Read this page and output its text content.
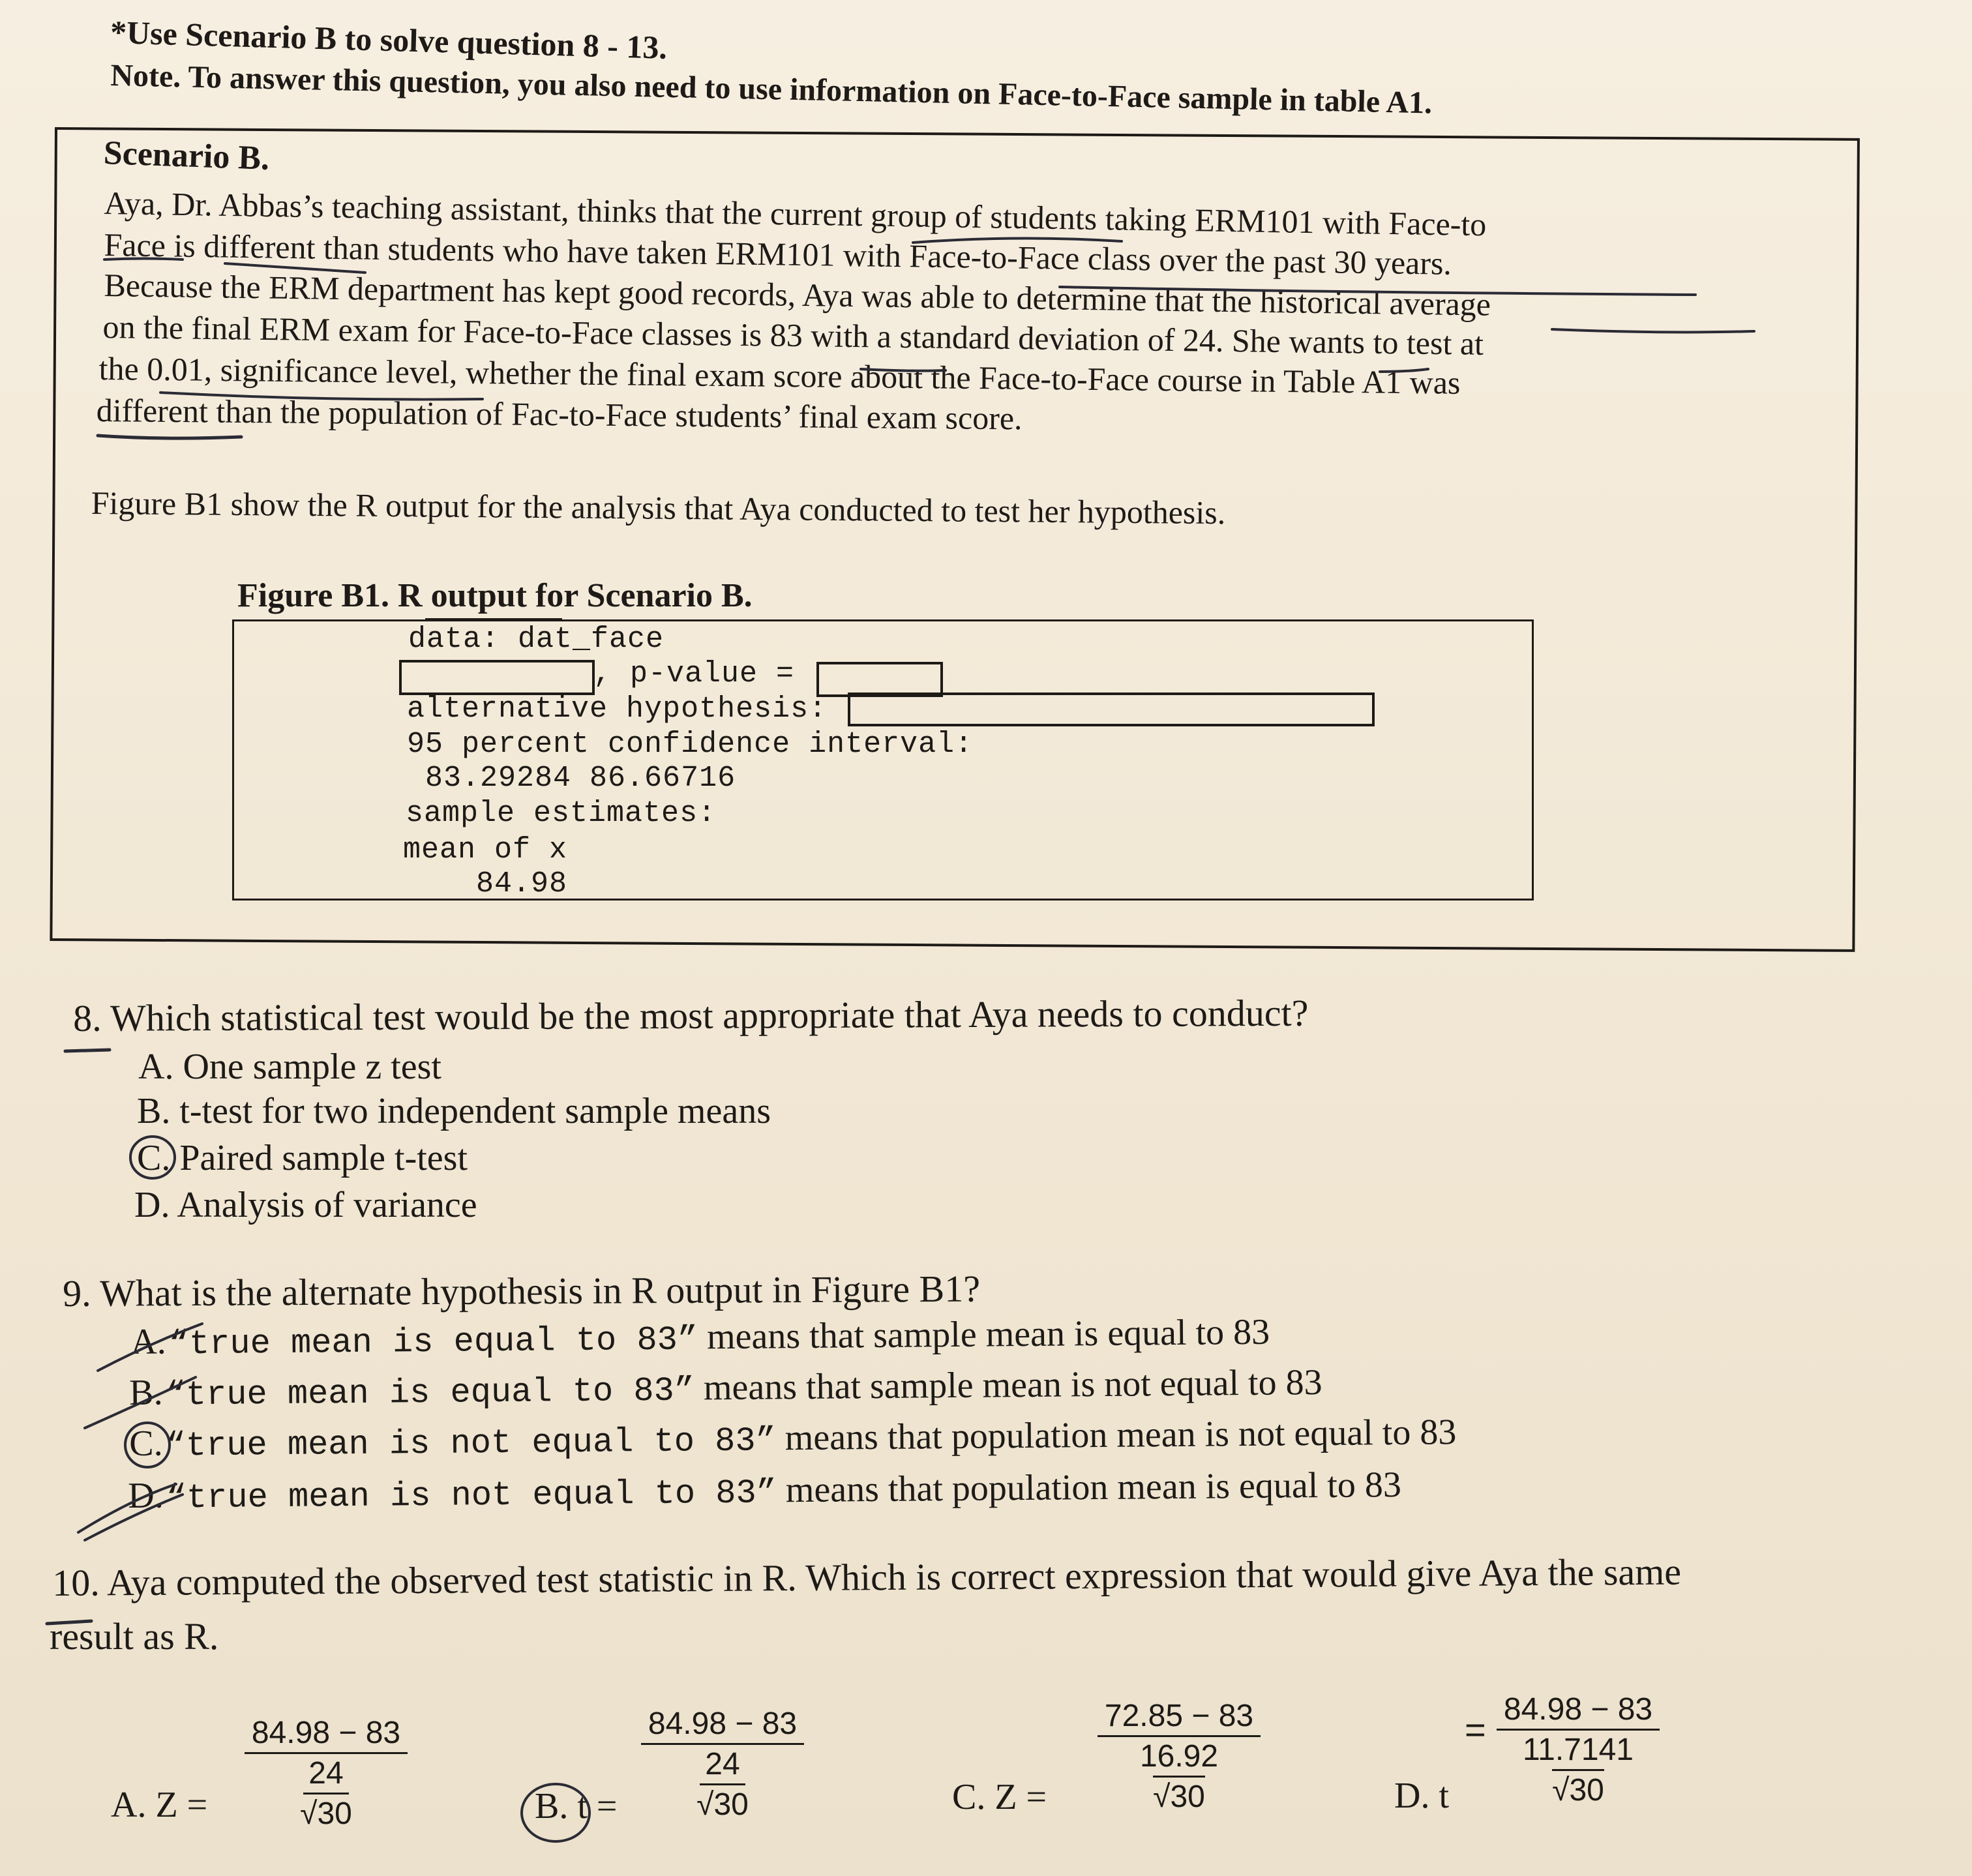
*Use Scenario B to solve question 8 - 13.
Note. To answer this question, you also need to use information on Face-to-Face sample in table A1.
Scenario B.
Aya, Dr. Abbas’s teaching assistant, thinks that the current group of students taking ERM101 with Face-to
Face is different than students who have taken ERM101 with Face-to-Face class over the past 30 years.
Because the ERM department has kept good records, Aya was able to determine that the historical average
on the final ERM exam for Face-to-Face classes is 83 with a standard deviation of 24. She wants to test at
the 0.01, significance level, whether the final exam score about the Face-to-Face course in Table A1 was
different than the population of Fac-to-Face students’ final exam score.
Figure B1 show the R output for the analysis that Aya conducted to test her hypothesis.
Figure B1. R output for Scenario B.
data: dat_face
, p-value =
alternative hypothesis:
95 percent confidence interval:
83.29284 86.66716
sample estimates:
mean of x
84.98
8. Which statistical test would be the most appropriate that Aya needs to conduct?
A. One sample z test
B. t-test for two independent sample means
C. Paired sample t-test
D. Analysis of variance
9. What is the alternate hypothesis in R output in Figure B1?
A. “true mean is equal to 83” means that sample mean is equal to 83
B. “true mean is equal to 83” means that sample mean is not equal to 83
C. “true mean is not equal to 83” means that population mean is not equal to 83
D. “true mean is not equal to 83” means that population mean is equal to 83
10. Aya computed the observed test statistic in R. Which is correct expression that would give Aya the same
result as R.
A. Z =
84.98 − 83
24
√30	B. t =
84.98 − 83
24
√30	C. Z =
72.85 − 83
16.92
√30	D. t
= 84.98 − 83
11.7141
√30
